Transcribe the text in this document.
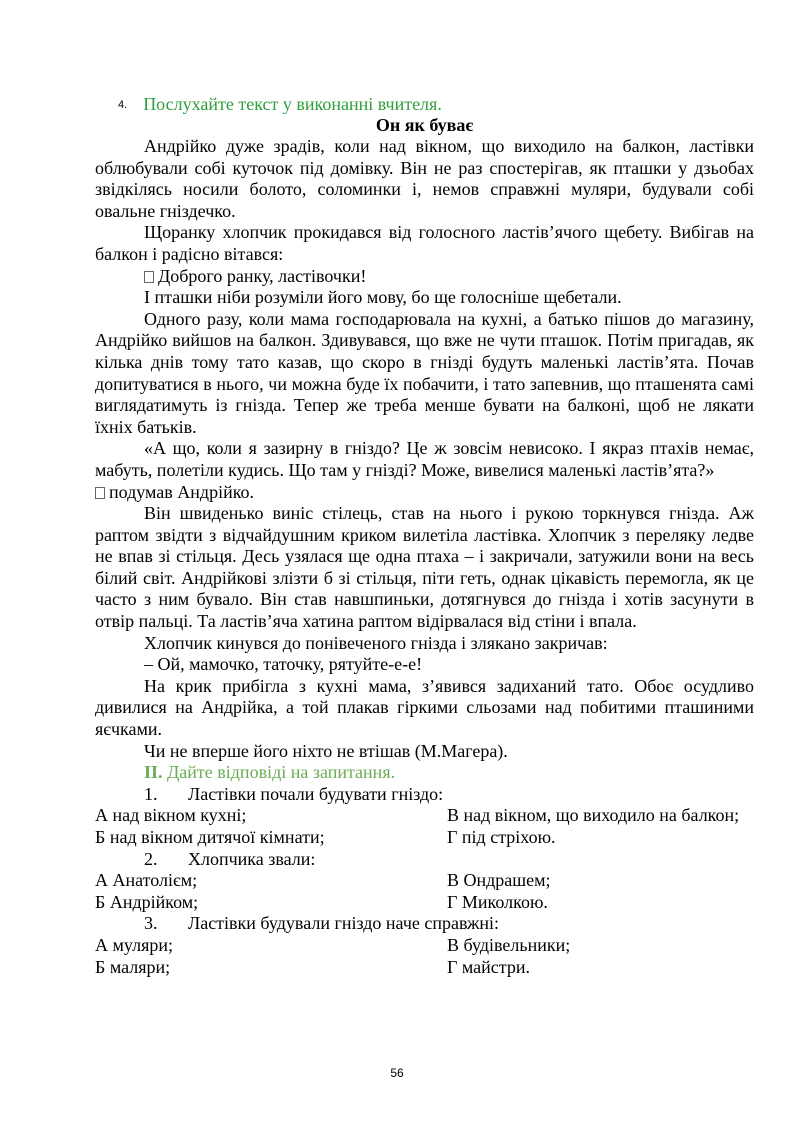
4. Послухайте текст у виконанні вчителя.
Он як буває

Андрійко дуже зрадів, коли над вікном, що виходило на балкон, ластівки облюбували собі куточок під домівку. Він не раз спостерігав, як пташки у дзьобах звідкілясь носили болото, соломинки і, немов справжні муляри, будували собі овальне гніздечко.

Щоранку хлопчик прокидався від голосного ластів’ячого щебету. Вибігав на балкон і радісно вітався:

Доброго ранку, ластівочки!

І пташки ніби розуміли його мову, бо ще голосніше щебетали.

Одного разу, коли мама господарювала на кухні, а батько пішов до магазину, Андрійко вийшов на балкон. Здивувався, що вже не чути пташок. Потім пригадав, як кілька днів тому тато казав, що скоро в гнізді будуть маленькі ластів’ята. Почав допитуватися в нього, чи можна буде їх побачити, і тато запевнив, що пташенята самі виглядатимуть із гнізда. Тепер же треба менше бувати на балконі, щоб не лякати їхніх батьків.

«А що, коли я зазирну в гніздо? Це ж зовсім невисоко. І якраз птахів немає, мабуть, полетіли кудись. Що там у гнізді? Може, вивелися маленькі ластів’ята?»

подумав Андрійко.

Він швиденько виніс стілець, став на нього і рукою торкнувся гнізда. Аж раптом звідти з відчайдушним криком вилетіла ластівка. Хлопчик з переляку ледве не впав зі стільця. Десь узялася ще одна птаха – і закричали, затужили вони на весь білий світ. Андрійкові злізти б зі стільця, піти геть, однак цікавість перемогла, як це часто з ним бувало. Він став навшпиньки, дотягнувся до гнізда і хотів засунути в отвір пальці. Та ластів’яча хатина раптом відірвалася від стіни і впала.

Хлопчик кинувся до понівеченого гнізда і злякано закричав:

– Ой, мамочко, таточку, рятуйте-е-е!

На крик прибігла з кухні мама, з’явився задиханий тато. Обоє осудливо дивилися на Андрійка, а той плакав гіркими сльозами над побитими пташиними яєчками.

Чи не вперше його ніхто не втішав (М.Магера).

ІІ. Дайте відповіді на запитання.
1. Ластівки почали будувати гніздо:
А над вікном кухні;
Б над вікном дитячої кімнати;
В над вікном, що виходило на балкон;
Г під стріхою.
2. Хлопчика звали:
А Анатолієм;
Б Андрійком;
В Ондрашем;
Г Миколкою.
3. Ластівки будували гніздо наче справжні:
А муляри;
Б маляри;
В будівельники;
Г майстри.
56
